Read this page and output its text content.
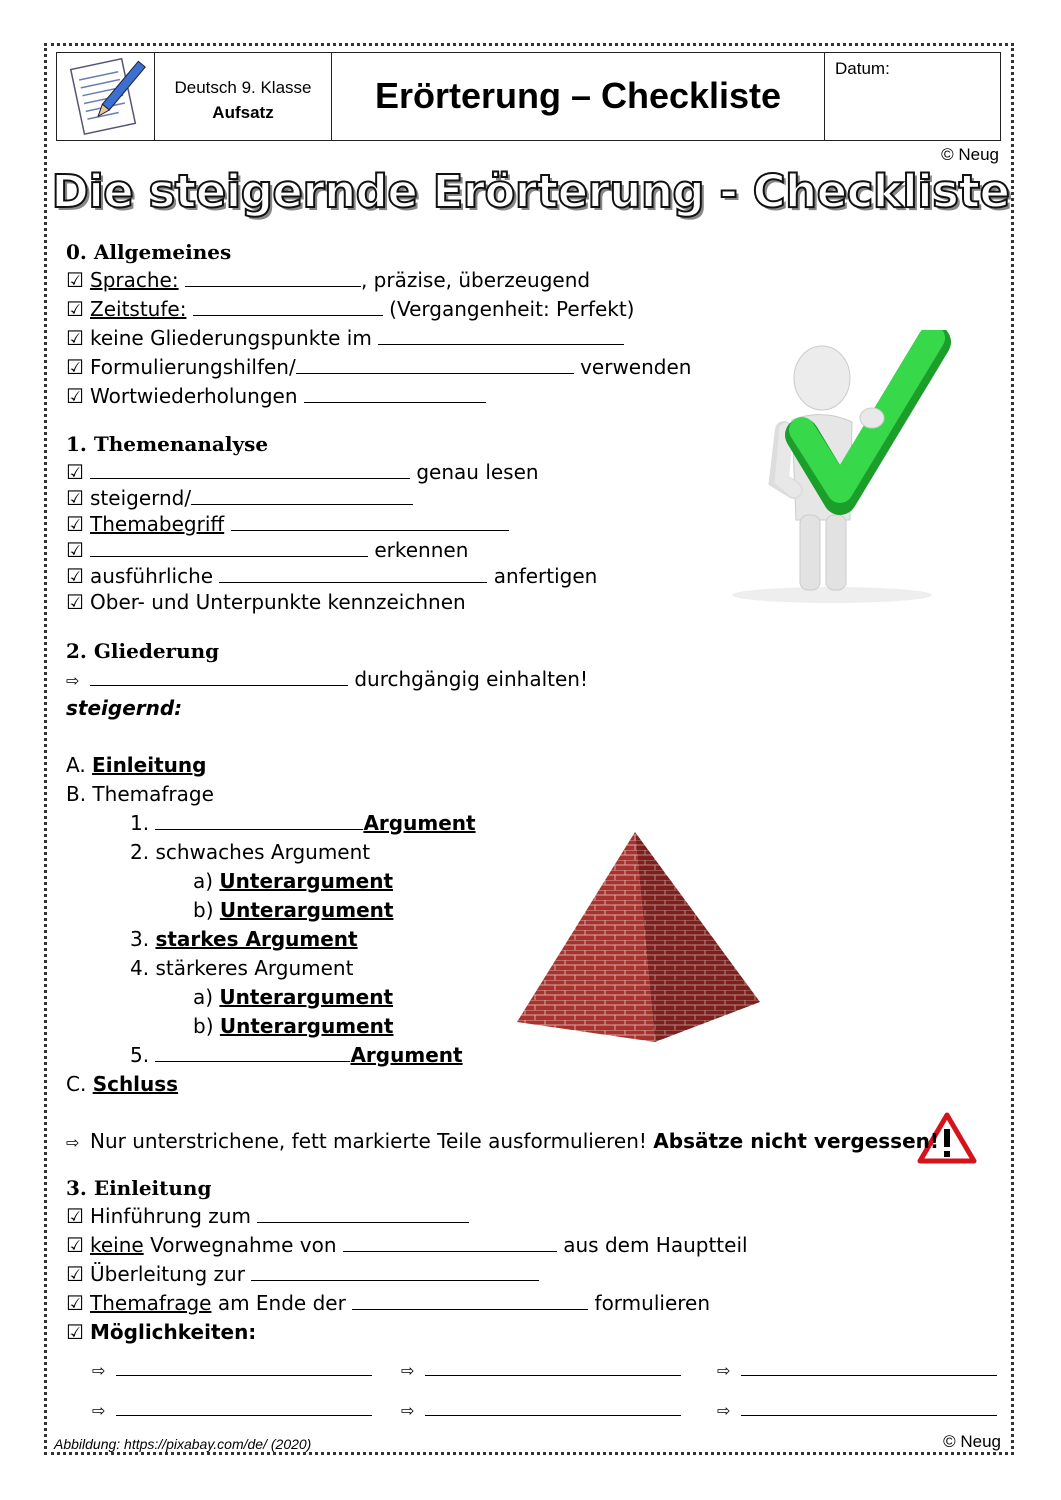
Deutsch 9. Klasse
Aufsatz	Erörterung – Checkliste
Datum:
© Neug
Die steigernde Erörterung - Checkliste
0. Allgemeines
☑ Sprache:	, präzise, überzeugend
☑ Zeitstufe:	(Vergangenheit: Perfekt)
☑ keine Gliederungspunkte im
☑ Formulierungshilfen/	verwenden
☑ Wortwiederholungen
1. Themenanalyse
☑	genau lesen
☑ steigernd/
☑ Themabegriff
☑	erkennen
☑ ausführliche	anfertigen
☑ Ober- und Unterpunkte kennzeichnen
2. Gliederung
⇨	durchgängig einhalten!
steigernd:
A. Einleitung
B. Themafrage
1.	Argument
2. schwaches Argument
a) Unterargument
b) Unterargument
3. starkes Argument
4. stärkeres Argument
a) Unterargument
b) Unterargument
5.	Argument
C. Schluss
⇨ Nur unterstrichene, fett markierte Teile ausformulieren! Absätze nicht vergessen!
3. Einleitung
☑ Hinführung zum
☑ keine Vorwegnahme von	aus dem Hauptteil
☑ Überleitung zur
☑ Themafrage am Ende der	formulieren
☑ Möglichkeiten:
⇨	⇨	⇨
⇨	⇨	⇨
Abbildung: https://pixabay.com/de/ (2020)	© Neug
